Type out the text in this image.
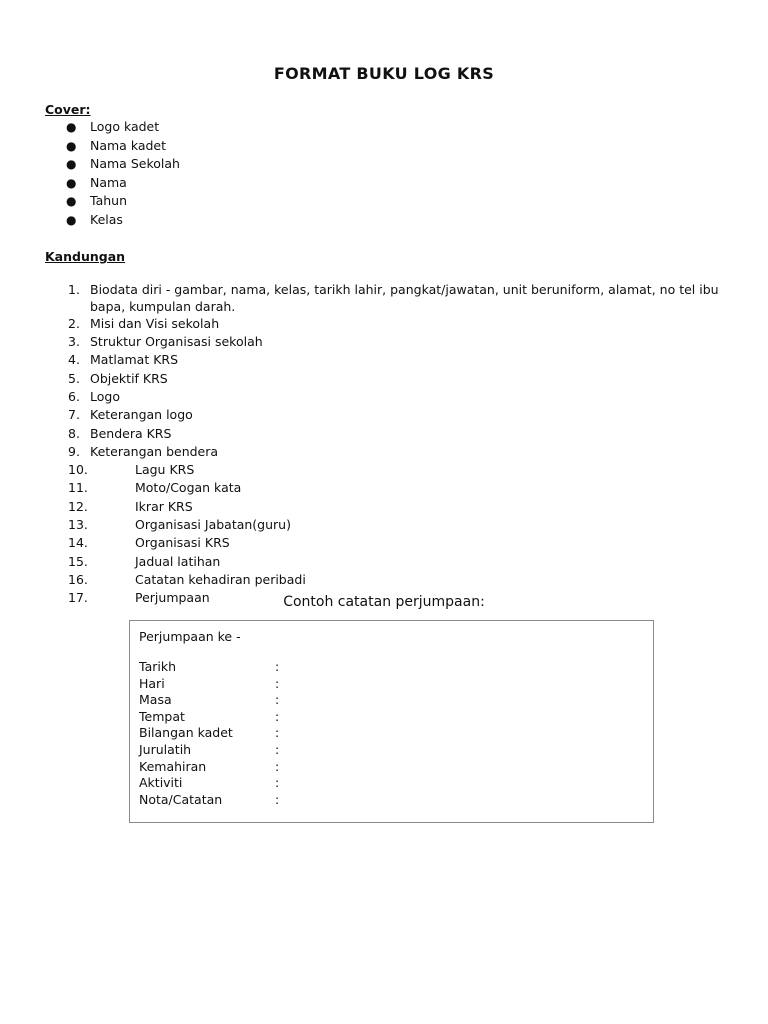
FORMAT BUKU LOG KRS
Cover:
● Logo kadet
● Nama kadet
● Nama Sekolah
● Nama
● Tahun
● Kelas
Kandungan
1. Biodata diri - gambar, nama, kelas, tarikh lahir, pangkat/jawatan, unit beruniform, alamat, no tel ibu bapa, kumpulan darah.
2. Misi dan Visi sekolah
3. Struktur Organisasi sekolah
4. Matlamat KRS
5. Objektif KRS
6. Logo
7. Keterangan logo
8. Bendera KRS
9. Keterangan bendera
10.	Lagu KRS
11.	Moto/Cogan kata
12.	Ikrar KRS
13.	Organisasi Jabatan(guru)
14.	Organisasi KRS
15.	Jadual latihan
16.	Catatan kehadiran peribadi
17.	Perjumpaan	Contoh catatan perjumpaan:
Perjumpaan ke -
Tarikh	:
Hari	:
Masa	:
Tempat	:
Bilangan kadet	:
Jurulatih	:
Kemahiran	:
Aktiviti	:
Nota/Catatan	:
